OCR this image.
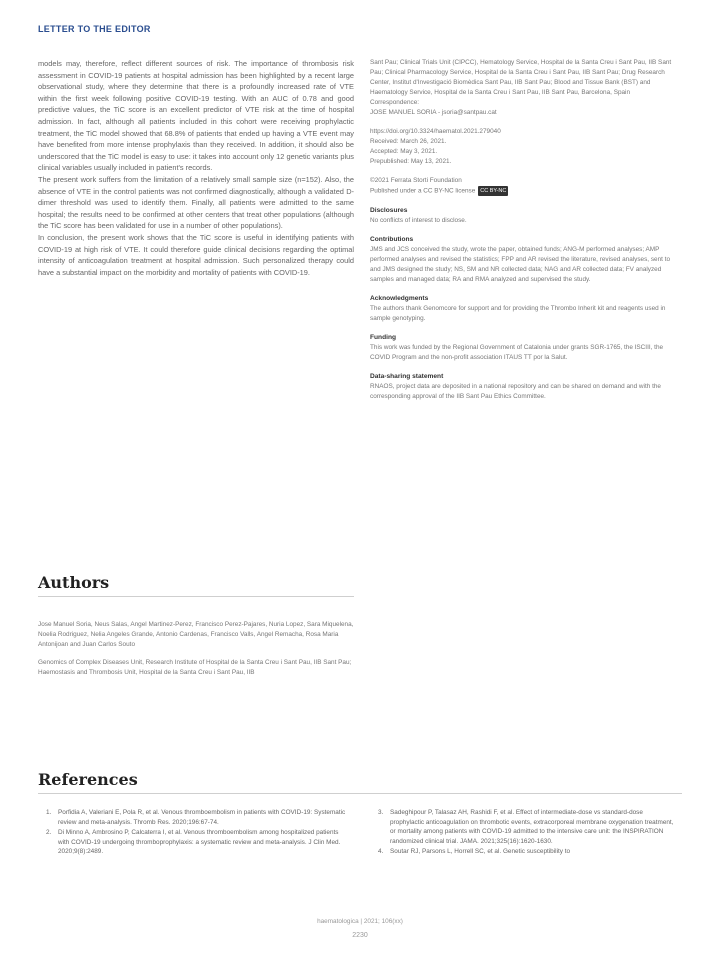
LETTER TO THE EDITOR

models may, therefore, reflect different sources of risk. The importance of thrombosis risk assessment in COVID-19 patients at hospital admission has been highlighted by a recent large observational study, where they determine that there is a profoundly increased rate of VTE within the first week following positive COVID-19 testing. With an AUC of 0.78 and good predictive values, the TiC score is an excellent predictor of VTE risk at the time of hospital admission. In fact, although all patients included in this cohort were receiving prophylactic treatment, the TiC model showed that 68.8% of patients that ended up having a VTE event may have benefited from more intense prophylaxis than they received. In addition, it should also be underscored that the TiC model is easy to use: it takes into account only 12 genetic variants plus clinical variables usually included in patient's records.

The present work suffers from the limitation of a relatively small sample size (n=152). Also, the absence of VTE in the control patients was not confirmed diagnostically, although a validated D-dimer threshold was used to identify them. Finally, all patients were admitted to the same hospital; the results need to be confirmed at other centers that treat other populations (although the TiC score has been validated for use in a number of other populations).

In conclusion, the present work shows that the TiC score is useful in identifying patients with COVID-19 at high risk of VTE. It could therefore guide clinical decisions regarding the optimal intensity of anticoagulation treatment at hospital admission. Such personalized therapy could have a substantial impact on the morbidity and mortality of patients with COVID-19.

Authors

Jose Manuel Soria, Neus Salas, Angel Martinez-Perez, Francisco Perez-Pajares, Nuria Lopez, Sara Miquelena, Noelia Rodriguez, Nelia Angeles Grande, Antonio Cardenas, Francisco Valls, Angel Remacha, Rosa Maria Antonijoan and Juan Carlos Souto

Genomics of Complex Diseases Unit, Research Institute of Hospital de la Santa Creu i Sant Pau, IIB Sant Pau; Haemostasis and Thrombosis Unit, Hospital de la Santa Creu i Sant Pau, IIB

Sant Pau; Clinical Trials Unit (CIPCC), Hematology Service, Hospital de la Santa Creu i Sant Pau, IIB Sant Pau; Clinical Pharmacology Service, Hospital de la Santa Creu i Sant Pau, IIB Sant Pau; Drug Research Center, Institut d'Investigació Biomèdica Sant Pau, IIB Sant Pau; Blood and Tissue Bank (BST) and Haematology Service, Hospital de la Santa Creu i Sant Pau, IIB Sant Pau, Barcelona, Spain

Correspondence:

JOSE MANUEL SORIA - jsoria@santpau.cat

https://doi.org/10.3324/haematol.2021.279040

Received: March 26, 2021.

Accepted: May 3, 2021.

Prepublished: May 13, 2021.

©2021 Ferrata Storti Foundation

Published under a CC BY-NC license CC BY-NC

Disclosures

No conflicts of interest to disclose.

Contributions

JMS and JCS conceived the study, wrote the paper, obtained funds; ANG-M performed analyses; AMP performed analyses and revised the statistics; FPP and AR revised the literature, revised analyses, sent to and JMS designed the study; NS, SM and NR collected data; NAG and AR collected data; FV analyzed samples and managed data; RA and RMA analyzed and supervised the study.

Acknowledgments

The authors thank Genomcore for support and for providing the Thrombo Inherit kit and reagents used in sample genotyping.

Funding

This work was funded by the Regional Government of Catalonia under grants SGR-1765, the ISCIII, the COVID Program and the non-profit association ITAUS TT por la Salut.

Data-sharing statement

RNAOS, project data are deposited in a national repository and can be shared on demand and with the corresponding approval of the IIB Sant Pau Ethics Committee.

References
1. Porfidia A, Valeriani E, Pola R, et al. Venous thromboembolism in patients with COVID-19: Systematic review and meta-analysis. Thromb Res. 2020;196:67-74.
2. Di Minno A, Ambrosino P, Calcaterra I, et al. Venous thromboembolism among hospitalized patients with COVID-19 undergoing thromboprophylaxis: a systematic review and meta-analysis. J Clin Med. 2020;9(8):2489.
3. Sadeghipour P, Talasaz AH, Rashidi F, et al. Effect of intermediate-dose vs standard-dose prophylactic anticoagulation on thrombotic events, extracorporeal membrane oxygenation treatment, or mortality among patients with COVID-19 admitted to the intensive care unit: the INSPIRATION randomized clinical trial. JAMA. 2021;325(16):1620-1630.
4. Soutar RJ, Parsons L, Horrell SC, et al. Genetic susceptibility to
haematologica | 2021; 106(xx)
2230
